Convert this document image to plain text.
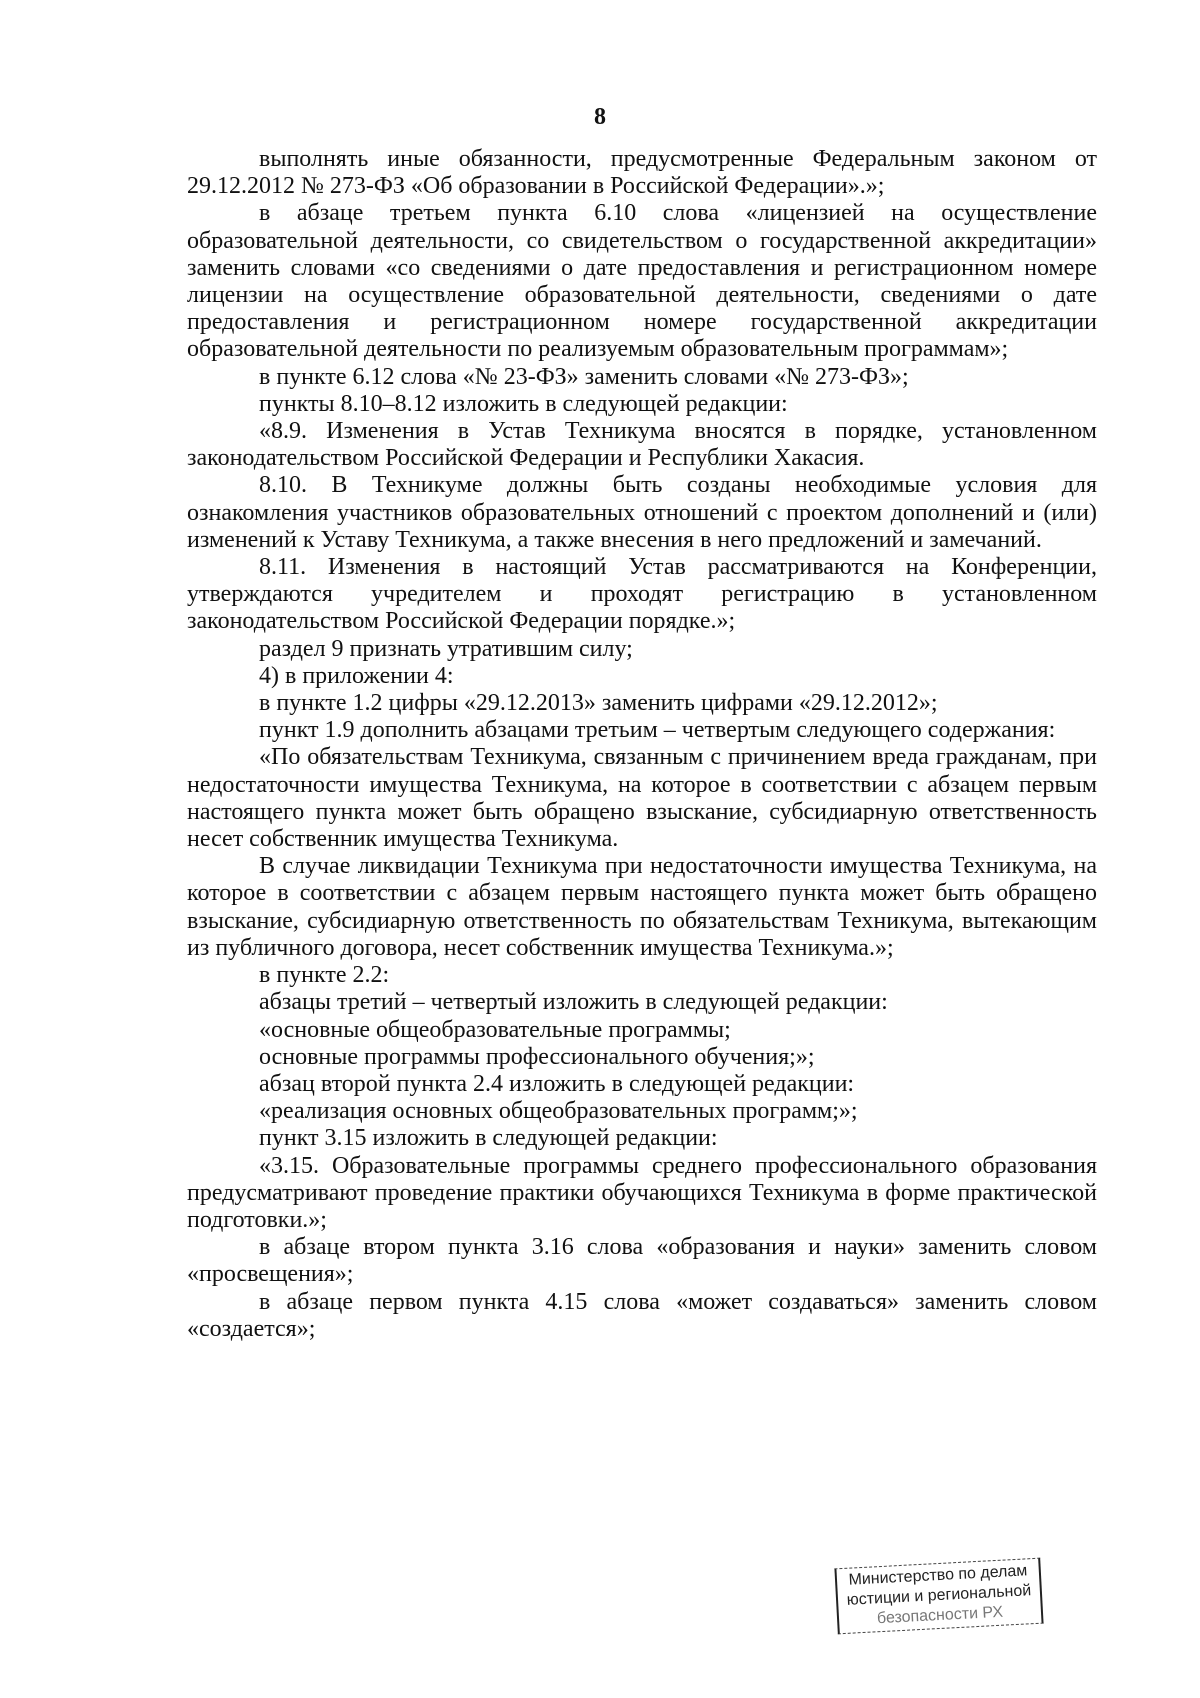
8

выполнять иные обязанности, предусмотренные Федеральным законом от 29.12.2012 № 273-ФЗ «Об образовании в Российской Федерации».»;

в абзаце третьем пункта 6.10 слова «лицензией на осуществление образовательной деятельности, со свидетельством о государственной аккредитации» заменить словами «со сведениями о дате предоставления и регистрационном номере лицензии на осуществление образовательной деятельности, сведениями о дате предоставления и регистрационном номере государственной аккредитации образовательной деятельности по реализуемым образовательным программам»;

в пункте 6.12 слова «№ 23-ФЗ» заменить словами «№ 273-ФЗ»;

пункты 8.10–8.12 изложить в следующей редакции:

«8.9. Изменения в Устав Техникума вносятся в порядке, установленном законодательством Российской Федерации и Республики Хакасия.

8.10. В Техникуме должны быть созданы необходимые условия для ознакомления участников образовательных отношений с проектом дополнений и (или) изменений к Уставу Техникума, а также внесения в него предложений и замечаний.

8.11. Изменения в настоящий Устав рассматриваются на Конференции, утверждаются учредителем и проходят регистрацию в установленном законодательством Российской Федерации порядке.»;

раздел 9 признать утратившим силу;

4) в приложении 4:

в пункте 1.2 цифры «29.12.2013» заменить цифрами «29.12.2012»;

пункт 1.9 дополнить абзацами третьим – четвертым следующего содержания:

«По обязательствам Техникума, связанным с причинением вреда гражданам, при недостаточности имущества Техникума, на которое в соответствии с абзацем первым настоящего пункта может быть обращено взыскание, субсидиарную ответственность несет собственник имущества Техникума.

В случае ликвидации Техникума при недостаточности имущества Техникума, на которое в соответствии с абзацем первым настоящего пункта может быть обращено взыскание, субсидиарную ответственность по обязательствам Техникума, вытекающим из публичного договора, несет собственник имущества Техникума.»;

в пункте 2.2:

абзацы третий – четвертый изложить в следующей редакции:

«основные общеобразовательные программы;

основные программы профессионального обучения;»;

абзац второй пункта 2.4 изложить в следующей редакции:

«реализация основных общеобразовательных программ;»;

пункт 3.15 изложить в следующей редакции:

«3.15. Образовательные программы среднего профессионального образования предусматривают проведение практики обучающихся Техникума в форме практической подготовки.»;

в абзаце втором пункта 3.16 слова «образования и науки» заменить словом «просвещения»;

в абзаце первом пункта 4.15 слова «может создаваться» заменить словом «создается»;

Министерство по делам
юстиции и региональной
безопасности РХ
